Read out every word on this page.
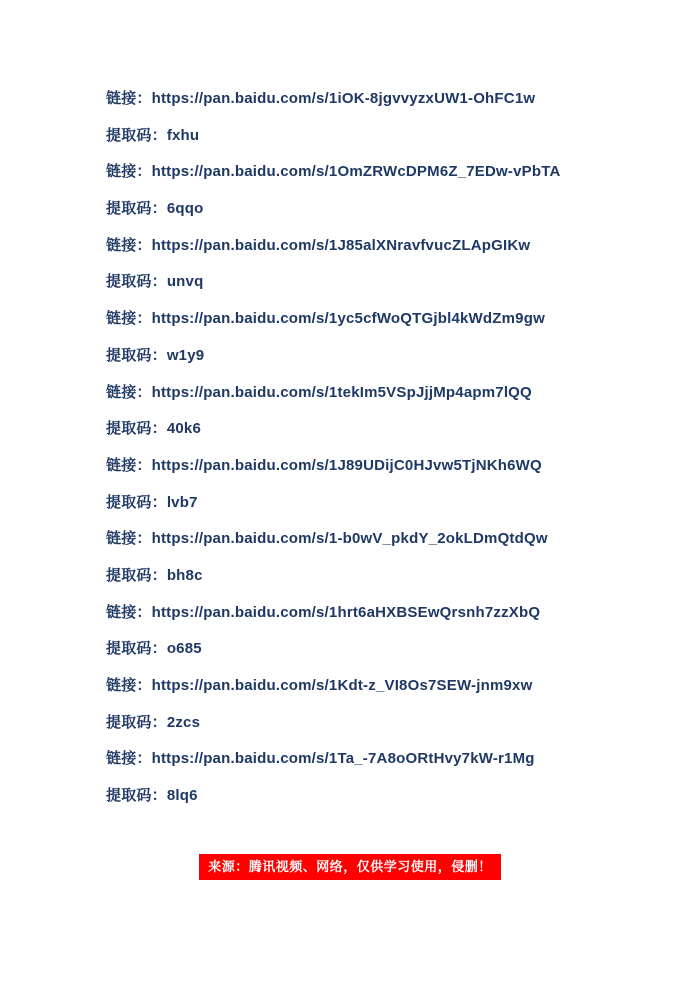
链接：https://pan.baidu.com/s/1iOK-8jgvvyzxUW1-OhFC1w

提取码：fxhu

链接：https://pan.baidu.com/s/1OmZRWcDPM6Z_7EDw-vPbTA

提取码：6qqo

链接：https://pan.baidu.com/s/1J85alXNravfvucZLApGIKw

提取码：unvq

链接：https://pan.baidu.com/s/1yc5cfWoQTGjbl4kWdZm9gw

提取码：w1y9

链接：https://pan.baidu.com/s/1tekIm5VSpJjjMp4apm7lQQ

提取码：40k6

链接：https://pan.baidu.com/s/1J89UDijC0HJvw5TjNKh6WQ

提取码：lvb7

链接：https://pan.baidu.com/s/1-b0wV_pkdY_2okLDmQtdQw

提取码：bh8c

链接：https://pan.baidu.com/s/1hrt6aHXBSEwQrsnh7zzXbQ

提取码：o685

链接：https://pan.baidu.com/s/1Kdt-z_VI8Os7SEW-jnm9xw

提取码：2zcs

链接：https://pan.baidu.com/s/1Ta_-7A8oORtHvy7kW-r1Mg

提取码：8lq6

来源：腾讯视频、网络，仅供学习使用，侵删！
